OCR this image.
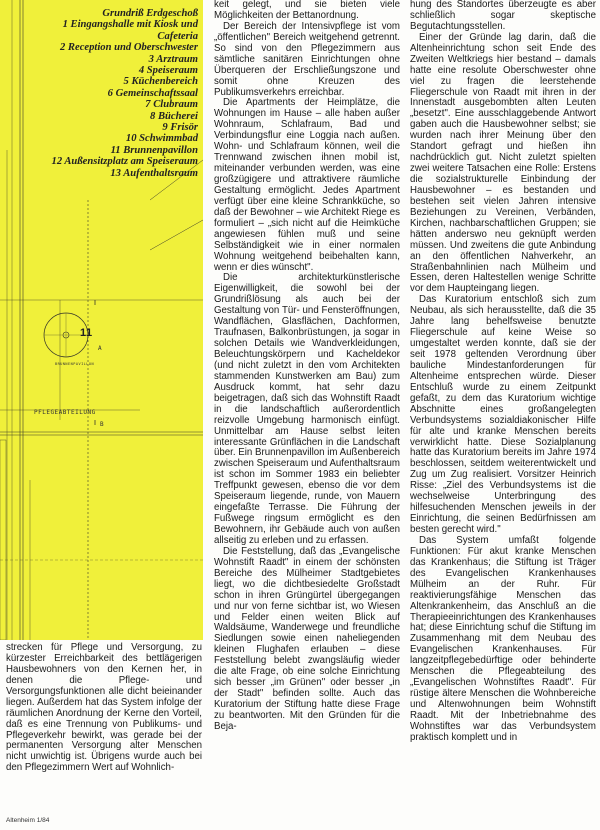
Grundriß Erdgeschoß
1 Eingangshalle mit Kiosk und Cafeteria
2 Reception und Oberschwester
3 Arztraum
4 Speiseraum
5 Küchenbereich
6 Gemeinschaftssaal
7 Clubraum
8 Bücherei
9 Frisör
10 Schwimmbad
11 Brunnenpavillon
12 Außensitzplatz am Speiseraum
13 Aufenthaltsraum
11
A
BRUNNENPAVILLON
PFLEGEABTEILUNG
B

strecken für Pflege und Versorgung, zu kürzester Erreichbarkeit des bettlägerigen Hausbewohners von den Kernen her, in denen die Pflege- und Versorgungsfunktionen alle dicht beieinander liegen. Außerdem hat das System infolge der räumlichen Anordnung der Kerne den Vorteil, daß es eine Trennung von Publikums- und Pflegeverkehr bewirkt, was gerade bei der permanenten Versorgung alter Menschen nicht unwichtig ist. Übrigens wurde auch bei den Pflegezimmern Wert auf Wohnlich-

keit gelegt, und sie bieten viele Möglichkeiten der Bettanordnung.

Der Bereich der Intensivpflege ist vom „öffentlichen" Bereich weitgehend getrennt. So sind von den Pflegezimmern aus sämtliche sanitären Einrichtungen ohne Überqueren der Erschließungszone und somit ohne Kreuzen des Publikumsverkehrs erreichbar.

Die Apartments der Heimplätze, die Wohnungen im Hause – alle haben außer Wohnraum, Schlafraum, Bad und Verbindungsflur eine Loggia nach außen. Wohn- und Schlafraum können, weil die Trennwand zwischen ihnen mobil ist, miteinander verbunden werden, was eine großzügigere und attraktivere räumliche Gestaltung ermöglicht. Jedes Apartment verfügt über eine kleine Schrankküche, so daß der Bewohner – wie Architekt Riege es formuliert – „sich nicht auf die Heimküche angewiesen fühlen muß und seine Selbständigkeit wie in einer normalen Wohnung weitgehend beibehalten kann, wenn er dies wünscht".

Die architekturkünstlerische Eigenwilligkeit, die sowohl bei der Grundrißlösung als auch bei der Gestaltung von Tür- und Fensteröffnungen, Wandflächen, Glasflächen, Dachformen, Traufnasen, Balkonbrüstungen, ja sogar in solchen Details wie Wandverkleidungen, Beleuchtungskörpern und Kacheldekor (und nicht zuletzt in den vom Architekten stammenden Kunstwerken am Bau) zum Ausdruck kommt, hat sehr dazu beigetragen, daß sich das Wohnstift Raadt in die landschaftlich außerordentlich reizvolle Umgebung harmonisch einfügt. Unmittelbar am Hause selbst leiten interessante Grünflächen in die Landschaft über. Ein Brunnenpavillon im Außenbereich zwischen Speiseraum und Aufenthaltsraum ist schon im Sommer 1983 ein beliebter Treffpunkt gewesen, ebenso die vor dem Speiseraum liegende, runde, von Mauern eingefaßte Terrasse. Die Führung der Fußwege ringsum ermöglicht es den Bewohnern, ihr Gebäude auch von außen allseitig zu erleben und zu erfassen.

Die Feststellung, daß das „Evangelische Wohnstift Raadt" in einem der schönsten Bereiche des Mülheimer Stadtgebietes liegt, wo die dichtbesiedelte Großstadt schon in ihren Grüngürtel übergegangen und nur von ferne sichtbar ist, wo Wiesen und Felder einen weiten Blick auf Waldsäume, Wanderwege und freundliche Siedlungen sowie einen naheliegenden kleinen Flughafen erlauben – diese Feststellung belebt zwangsläufig wieder die alte Frage, ob eine solche Einrichtung sich besser „im Grünen" oder besser „in der Stadt" befinden sollte. Auch das Kuratorium der Stiftung hatte diese Frage zu beantworten. Mit den Gründen für die Beja-

hung des Standortes überzeugte es aber schließlich sogar skeptische Begutachtungsstellen.

Einer der Gründe lag darin, daß die Altenheinrichtung schon seit Ende des Zweiten Weltkriegs hier bestand – damals hatte eine resolute Oberschwester ohne viel zu fragen die leerstehende Fliegerschule von Raadt mit ihren in der Innenstadt ausgebombten alten Leuten „besetzt". Eine ausschlaggebende Antwort gaben auch die Hausbewohner selbst; sie wurden nach ihrer Meinung über den Standort gefragt und hießen ihn nachdrücklich gut. Nicht zuletzt spielten zwei weitere Tatsachen eine Rolle: Erstens die sozialstrukturelle Einbindung der Hausbewohner – es bestanden und bestehen seit vielen Jahren intensive Beziehungen zu Vereinen, Verbänden, Kirchen, nachbarschaftlichen Gruppen; sie hätten anderswo neu geknüpft werden müssen. Und zweitens die gute Anbindung an den öffentlichen Nahverkehr, an Straßenbahnlinien nach Mülheim und Essen, deren Haltestellen wenige Schritte vor dem Haupteingang liegen.

Das Kuratorium entschloß sich zum Neubau, als sich herausstellte, daß die 35 Jahre lang behelfsweise benutzte Fliegerschule auf keine Weise so umgestaltet werden konnte, daß sie der seit 1978 geltenden Verordnung über bauliche Mindestanforderungen für Altenheime entsprechen würde. Dieser Entschluß wurde zu einem Zeitpunkt gefaßt, zu dem das Kuratorium wichtige Abschnitte eines großangelegten Verbundsystems sozialdiakonischer Hilfe für alte und kranke Menschen bereits verwirklicht hatte. Diese Sozialplanung hatte das Kuratorium bereits im Jahre 1974 beschlossen, seitdem weiterentwickelt und Zug um Zug realisiert. Vorsitzer Heinrich Risse: „Ziel des Verbundsystems ist die wechselweise Unterbringung des hilfesuchenden Menschen jeweils in der Einrichtung, die seinen Bedürfnissen am besten gerecht wird."

Das System umfaßt folgende Funktionen: Für akut kranke Menschen das Krankenhaus; die Stiftung ist Träger des Evangelischen Krankenhauses Mülheim an der Ruhr. Für reaktivierungsfähige Menschen das Altenkrankenheim, das Anschluß an die Therapieeinrichtungen des Krankenhauses hat; diese Einrichtung schuf die Stiftung im Zusammenhang mit dem Neubau des Evangelischen Krankenhauses. Für langzeitpflegebedürftige oder behinderte Menschen die Pflegeabteilung des „Evangelischen Wohnstiftes Raadt". Für rüstige ältere Menschen die Wohnbereiche und Altenwohnungen beim Wohnstift Raadt. Mit der Inbetriebnahme des Wohnstiftes war das Verbundsystem praktisch komplett und in

Altenheim 1/84
